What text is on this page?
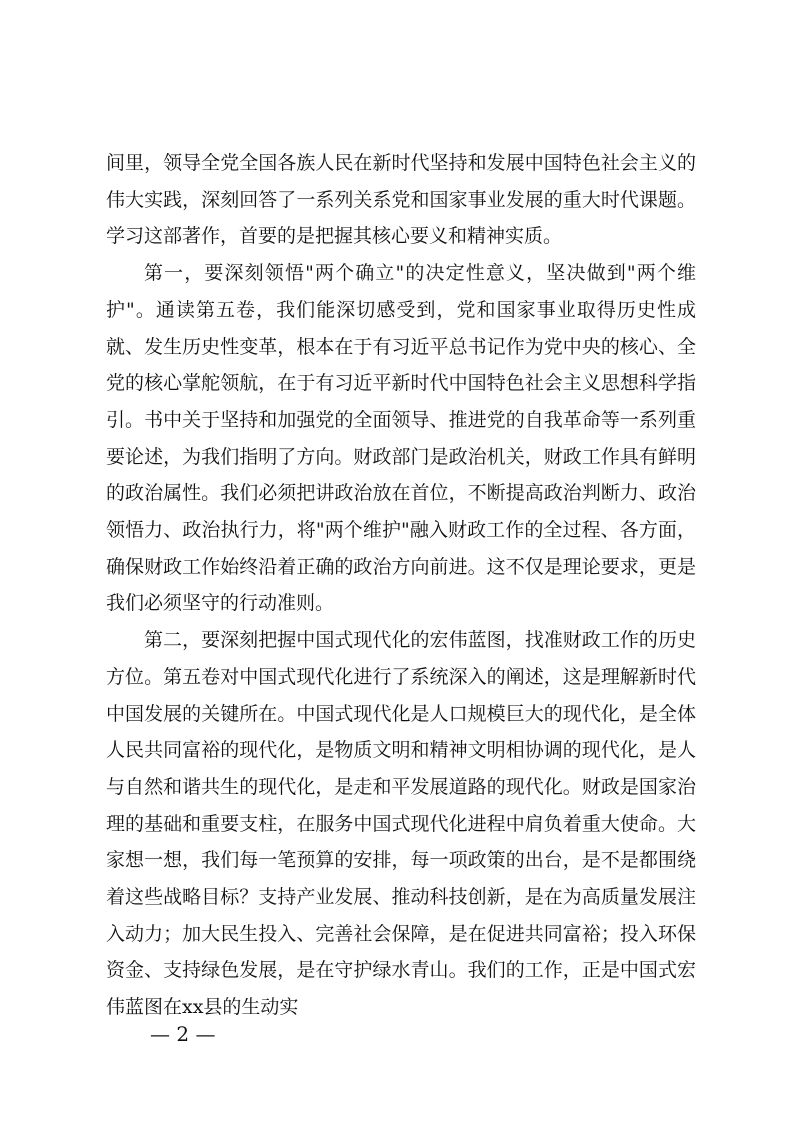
间里，领导全党全国各族人民在新时代坚持和发展中国特色社会主义的伟大实践，深刻回答了一系列关系党和国家事业发展的重大时代课题。学习这部著作，首要的是把握其核心要义和精神实质。

第一，要深刻领悟"两个确立"的决定性意义，坚决做到"两个维护"。通读第五卷，我们能深切感受到，党和国家事业取得历史性成就、发生历史性变革，根本在于有习近平总书记作为党中央的核心、全党的核心掌舵领航，在于有习近平新时代中国特色社会主义思想科学指引。书中关于坚持和加强党的全面领导、推进党的自我革命等一系列重要论述，为我们指明了方向。财政部门是政治机关，财政工作具有鲜明的政治属性。我们必须把讲政治放在首位，不断提高政治判断力、政治领悟力、政治执行力，将"两个维护"融入财政工作的全过程、各方面，确保财政工作始终沿着正确的政治方向前进。这不仅是理论要求，更是我们必须坚守的行动准则。

第二，要深刻把握中国式现代化的宏伟蓝图，找准财政工作的历史方位。第五卷对中国式现代化进行了系统深入的阐述，这是理解新时代中国发展的关键所在。中国式现代化是人口规模巨大的现代化，是全体人民共同富裕的现代化，是物质文明和精神文明相协调的现代化，是人与自然和谐共生的现代化，是走和平发展道路的现代化。财政是国家治理的基础和重要支柱，在服务中国式现代化进程中肩负着重大使命。大家想一想，我们每一笔预算的安排，每一项政策的出台，是不是都围绕着这些战略目标？支持产业发展、推动科技创新，是在为高质量发展注入动力；加大民生投入、完善社会保障，是在促进共同富裕；投入环保资金、支持绿色发展，是在守护绿水青山。我们的工作，正是中国式宏伟蓝图在xx县的生动实

— 2 —
